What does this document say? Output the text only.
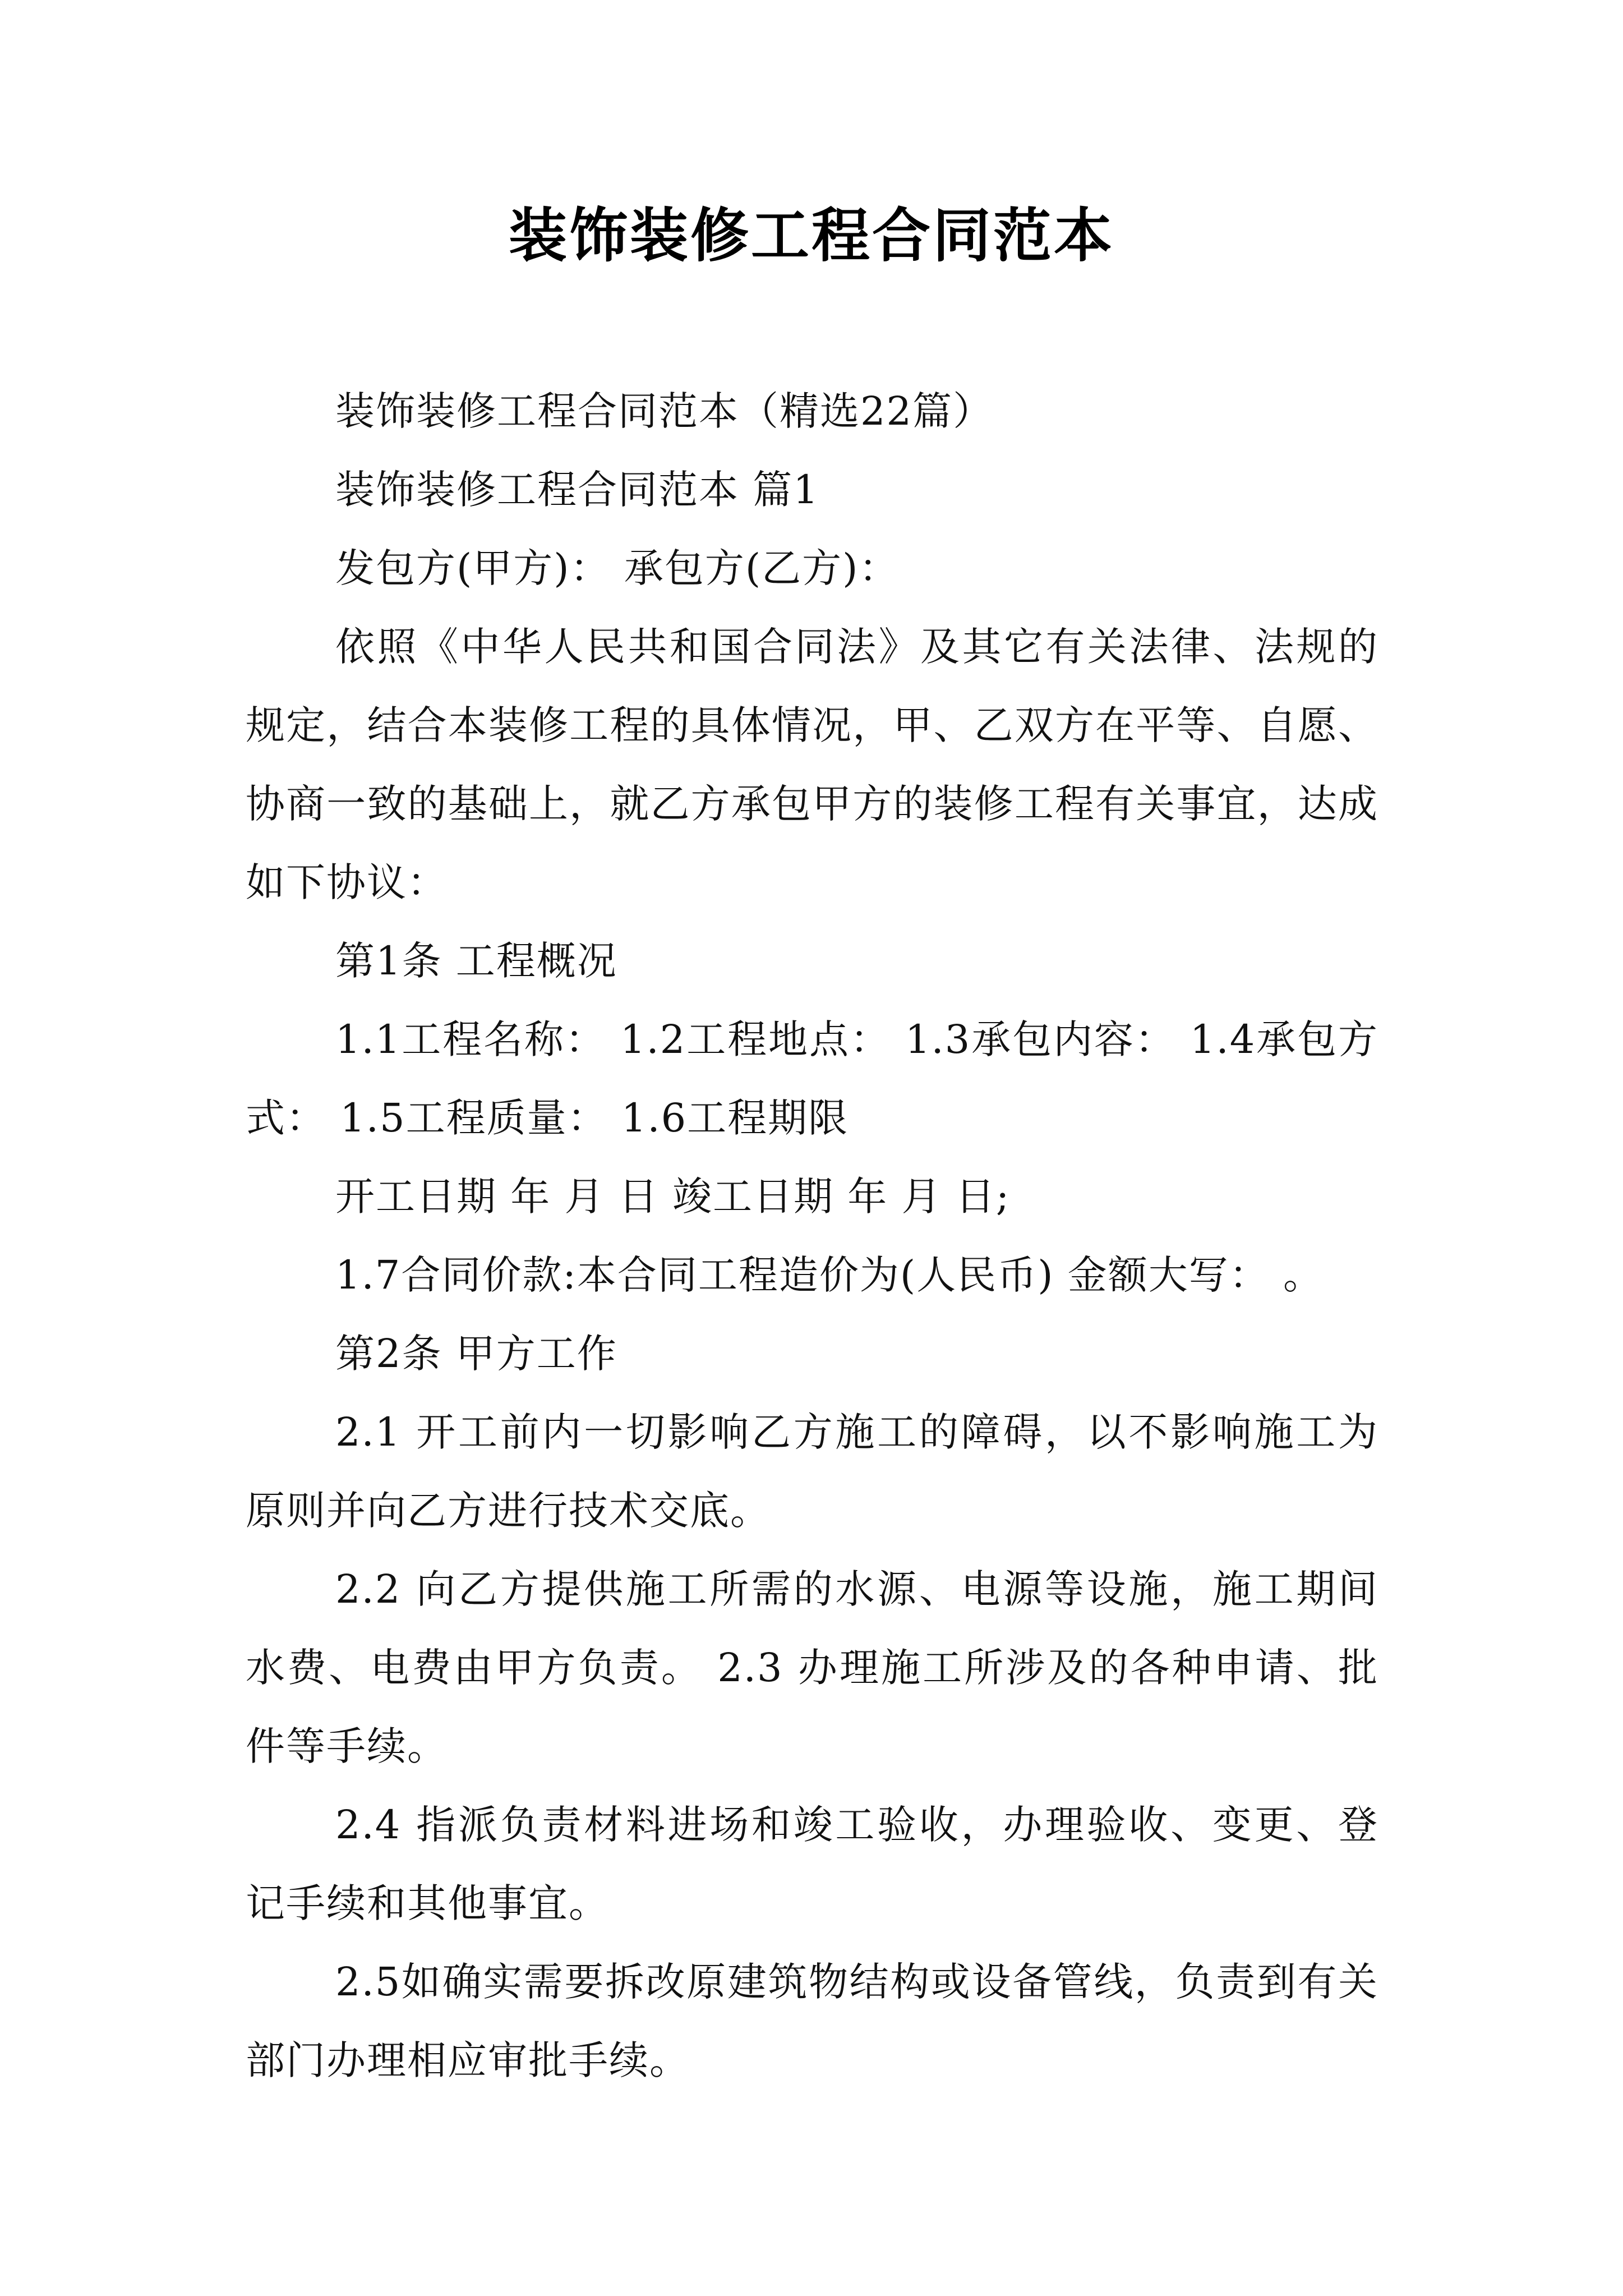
装饰装修工程合同范本

装饰装修工程合同范本（精选22篇）

装饰装修工程合同范本 篇1

发包方(甲方)： 承包方(乙方)：

依照《中华人民共和国合同法》及其它有关法律、法规的规定，结合本装修工程的具体情况，甲、乙双方在平等、自愿、协商一致的基础上，就乙方承包甲方的装修工程有关事宜，达成如下协议：

第1条 工程概况

1.1工程名称： 1.2工程地点： 1.3承包内容： 1.4承包方式： 1.5工程质量： 1.6工程期限

开工日期 年 月 日 竣工日期 年 月 日;

1.7合同价款:本合同工程造价为(人民币) 金额大写： 。

第2条 甲方工作

2.1 开工前内一切影响乙方施工的障碍，以不影响施工为原则并向乙方进行技术交底。

2.2 向乙方提供施工所需的水源、电源等设施，施工期间水费、电费由甲方负责。 2.3 办理施工所涉及的各种申请、批件等手续。

2.4 指派负责材料进场和竣工验收，办理验收、变更、登记手续和其他事宜。

2.5如确实需要拆改原建筑物结构或设备管线，负责到有关部门办理相应审批手续。
